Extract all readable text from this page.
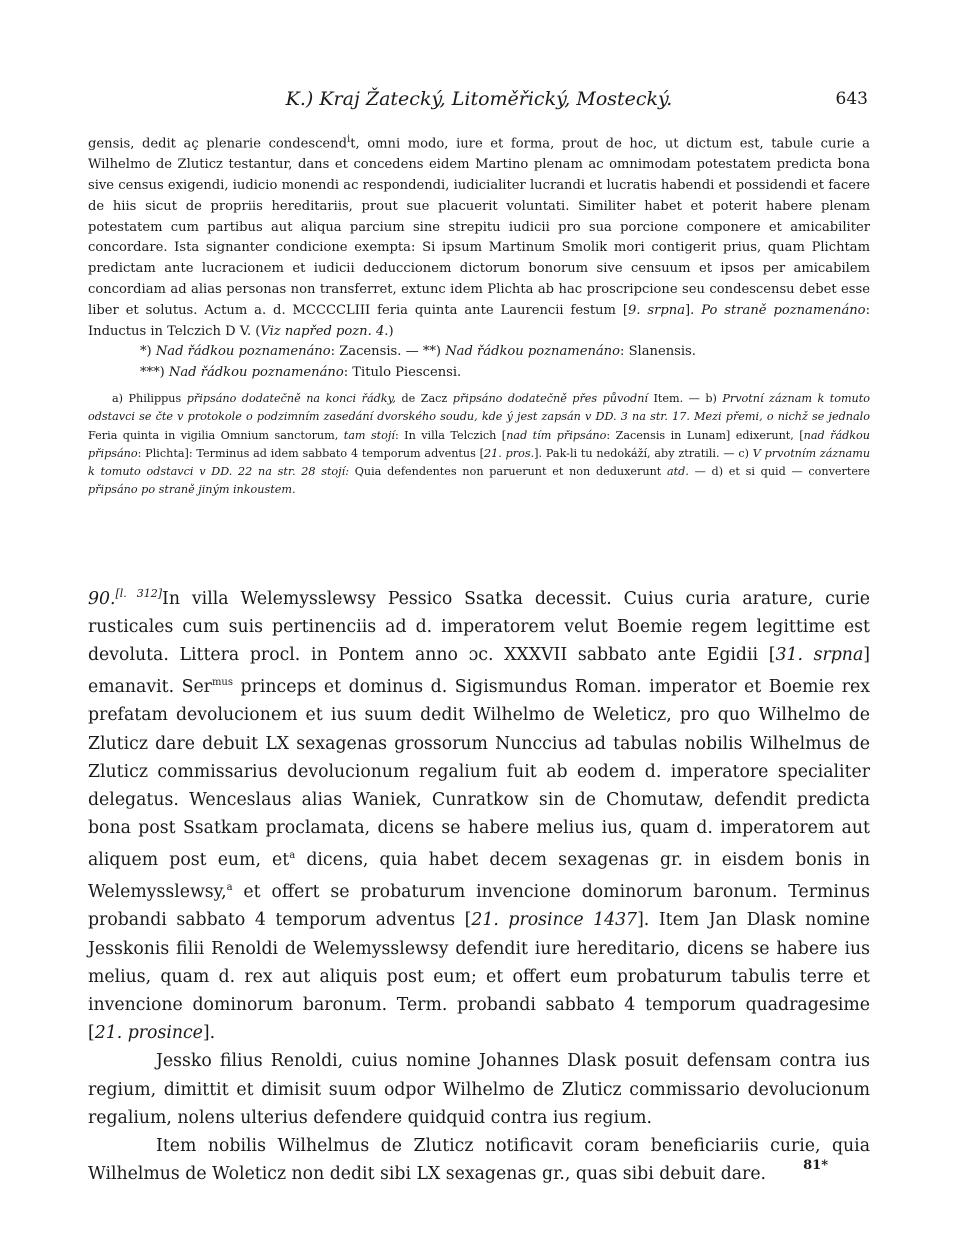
K.) Kraj Žatecký, Litoměřický, Mostecký.	643

gensis, dedit aç plenarie condescend$^i$t, omni modo, iure et forma, prout de hoc, ut dictum est, tabule curie a Wilhelmo de Zluticz testantur, dans et concedens eidem Martino plenam ac omnimodam potestatem predicta bona sive census exigendi, iudicio monendi ac respondendi, iudicialiter lucrandi et lucratis habendi et possidendi et facere de hiis sicut de propriis hereditariis, prout sue placuerit voluntati. Similiter habet et poterit habere plenam potestatem cum partibus aut aliqua parcium sine strepitu iudicii pro sua porcione componere et amicabiliter concordare. Ista signanter condicione exempta: Si ipsum Martinum Smolik mori contigerit prius, quam Plichtam predictam ante lucracionem et iudicii deduccionem dictorum bonorum sive censuum et ipsos per amicabilem concordiam ad alias personas non transferret, extunc idem Plichta ab hac proscripcione seu condescensu debet esse liber et solutus. Actum a. d. MCCCCLIII feria quinta ante Laurencii festum [9. srpna]. Po straně poznamenáno: Inductus in Telczich D V. (Viz napřed pozn. 4.)

*) Nad řádkou poznamenáno: Zacensis. — **) Nad řádkou poznamenáno: Slanensis.

***) Nad řádkou poznamenáno: Titulo Piescensi.

a) Philippus připsáno dodatečně na konci řádky, de Zacz připsáno dodatečně přes původní Item. — b) Prvotní záznam k tomuto odstavci se čte v protokole o podzimním zasedání dvorského soudu, kde ý jest zapsán v DD. 3 na str. 17. Mezi přemi, o nichž se jednalo Feria quinta in vigilia Omnium sanctorum, tam stojí: In villa Telczich [nad tím připsáno: Zacensis in Lunam] edixerunt, [nad řádkou připsáno: Plichta]: Terminus ad idem sabbato 4 temporum adventus [21. pros.]. Pak-li tu nedokáží, aby ztratili. — c) V prvotním záznamu k tomuto odstavci v DD. 22 na str. 28 stojí: Quia defendentes non paruerunt et non deduxerunt atd. — d) et si quid — convertere připsáno po straně jiným inkoustem.

90.[l. 312]In villa Welemysslewsy Pessico Ssatka decessit. Cuius curia arature, curie rusticales cum suis pertinenciis ad d. imperatorem velut Boemie regem legittime est devoluta. Littera procl. in Pontem anno ɔc. XXXVII sabbato ante Egidii [31. srpna] emanavit. Ser$^{mus}$ princeps et dominus d. Sigismundus Roman. imperator et Boemie rex prefatam devolucionem et ius suum dedit Wilhelmo de Weleticz, pro quo Wilhelmo de Zluticz dare debuit LX sexagenas grossorum Nunccius ad tabulas nobilis Wilhelmus de Zluticz commissarius devolucionum regalium fuit ab eodem d. imperatore specialiter delegatus. Wenceslaus alias Waniek, Cunratkow sin de Chomutaw, defendit predicta bona post Ssatkam proclamata, dicens se habere melius ius, quam d. imperatorem aut aliquem post eum, $et^a$ dicens, quia habet decem sexagenas gr. in eisdem bonis in Welemysslewsy,$^a$ et offert se probaturum invencione dominorum baronum. Terminus probandi sabbato 4 temporum adventus [21. prosince 1437]. Item Jan Dlask nomine Jesskonis filii Renoldi de Welemysslewsy defendit iure hereditario, dicens se habere ius melius, quam d. rex aut aliquis post eum; et offert eum probaturum tabulis terre et invencione dominorum baronum. Term. probandi sabbato 4 temporum quadragesime [21. prosince].

Jessko filius Renoldi, cuius nomine Johannes Dlask posuit defensam contra ius regium, dimittit et dimisit suum odpor Wilhelmo de Zluticz commissario devolucionum regalium, nolens ulterius defendere quidquid contra ius regium.

Item nobilis Wilhelmus de Zluticz notificavit coram beneficiariis curie, quia Wilhelmus de Woleticz non dedit sibi LX sexagenas gr., quas sibi debuit dare.	81*
